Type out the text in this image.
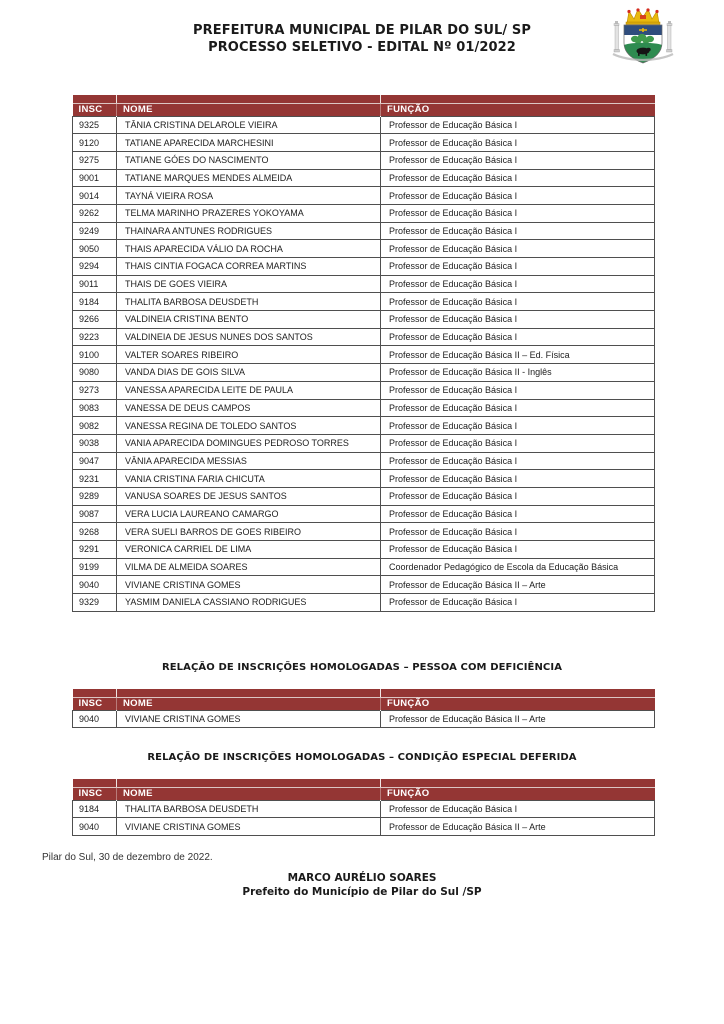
PREFEITURA MUNICIPAL DE PILAR DO SUL/ SP
PROCESSO SELETIVO - EDITAL Nº 01/2022

INSC	NOME	FUNÇÃO
9325	TÂNIA CRISTINA DELAROLE VIEIRA	Professor de Educação Básica I
9120	TATIANE APARECIDA MARCHESINI	Professor de Educação Básica I
9275	TATIANE GÓES DO NASCIMENTO	Professor de Educação Básica I
9001	TATIANE MARQUES MENDES ALMEIDA	Professor de Educação Básica I
9014	TAYNÁ VIEIRA ROSA	Professor de Educação Básica I
9262	TELMA MARINHO PRAZERES YOKOYAMA	Professor de Educação Básica I
9249	THAINARA ANTUNES RODRIGUES	Professor de Educação Básica I
9050	THAIS APARECIDA VÁLIO DA ROCHA	Professor de Educação Básica I
9294	THAIS CINTIA FOGACA CORREA MARTINS	Professor de Educação Básica I
9011	THAIS DE GOES VIEIRA	Professor de Educação Básica I
9184	THALITA BARBOSA DEUSDETH	Professor de Educação Básica I
9266	VALDINEIA CRISTINA BENTO	Professor de Educação Básica I
9223	VALDINEIA DE JESUS NUNES DOS SANTOS	Professor de Educação Básica I
9100	VALTER SOARES RIBEIRO	Professor de Educação Básica II – Ed. Física
9080	VANDA DIAS DE GOIS SILVA	Professor de Educação Básica II - Inglês
9273	VANESSA APARECIDA LEITE DE PAULA	Professor de Educação Básica I
9083	VANESSA DE DEUS CAMPOS	Professor de Educação Básica I
9082	VANESSA REGINA DE TOLEDO SANTOS	Professor de Educação Básica I
9038	VANIA APARECIDA DOMINGUES PEDROSO TORRES	Professor de Educação Básica I
9047	VÂNIA APARECIDA MESSIAS	Professor de Educação Básica I
9231	VANIA CRISTINA FARIA CHICUTA	Professor de Educação Básica I
9289	VANUSA SOARES DE JESUS SANTOS	Professor de Educação Básica I
9087	VERA LUCIA LAUREANO CAMARGO	Professor de Educação Básica I
9268	VERA SUELI BARROS DE GOES RIBEIRO	Professor de Educação Básica I
9291	VERONICA CARRIEL DE LIMA	Professor de Educação Básica I
9199	VILMA DE ALMEIDA SOARES	Coordenador Pedagógico de Escola da Educação Básica
9040	VIVIANE CRISTINA GOMES	Professor de Educação Básica II – Arte
9329	YASMIM DANIELA CASSIANO RODRIGUES	Professor de Educação Básica I
RELAÇÃO DE INSCRIÇÕES HOMOLOGADAS – PESSOA COM DEFICIÊNCIA

INSC	NOME	FUNÇÃO
9040	VIVIANE CRISTINA GOMES	Professor de Educação Básica II – Arte
RELAÇÃO DE INSCRIÇÕES HOMOLOGADAS – CONDIÇÃO ESPECIAL DEFERIDA

INSC	NOME	FUNÇÃO
9184	THALITA BARBOSA DEUSDETH	Professor de Educação Básica I
9040	VIVIANE CRISTINA GOMES	Professor de Educação Básica II – Arte
Pilar do Sul, 30 de dezembro de 2022.
MARCO AURÉLIO SOARES
Prefeito do Município de Pilar do Sul /SP
